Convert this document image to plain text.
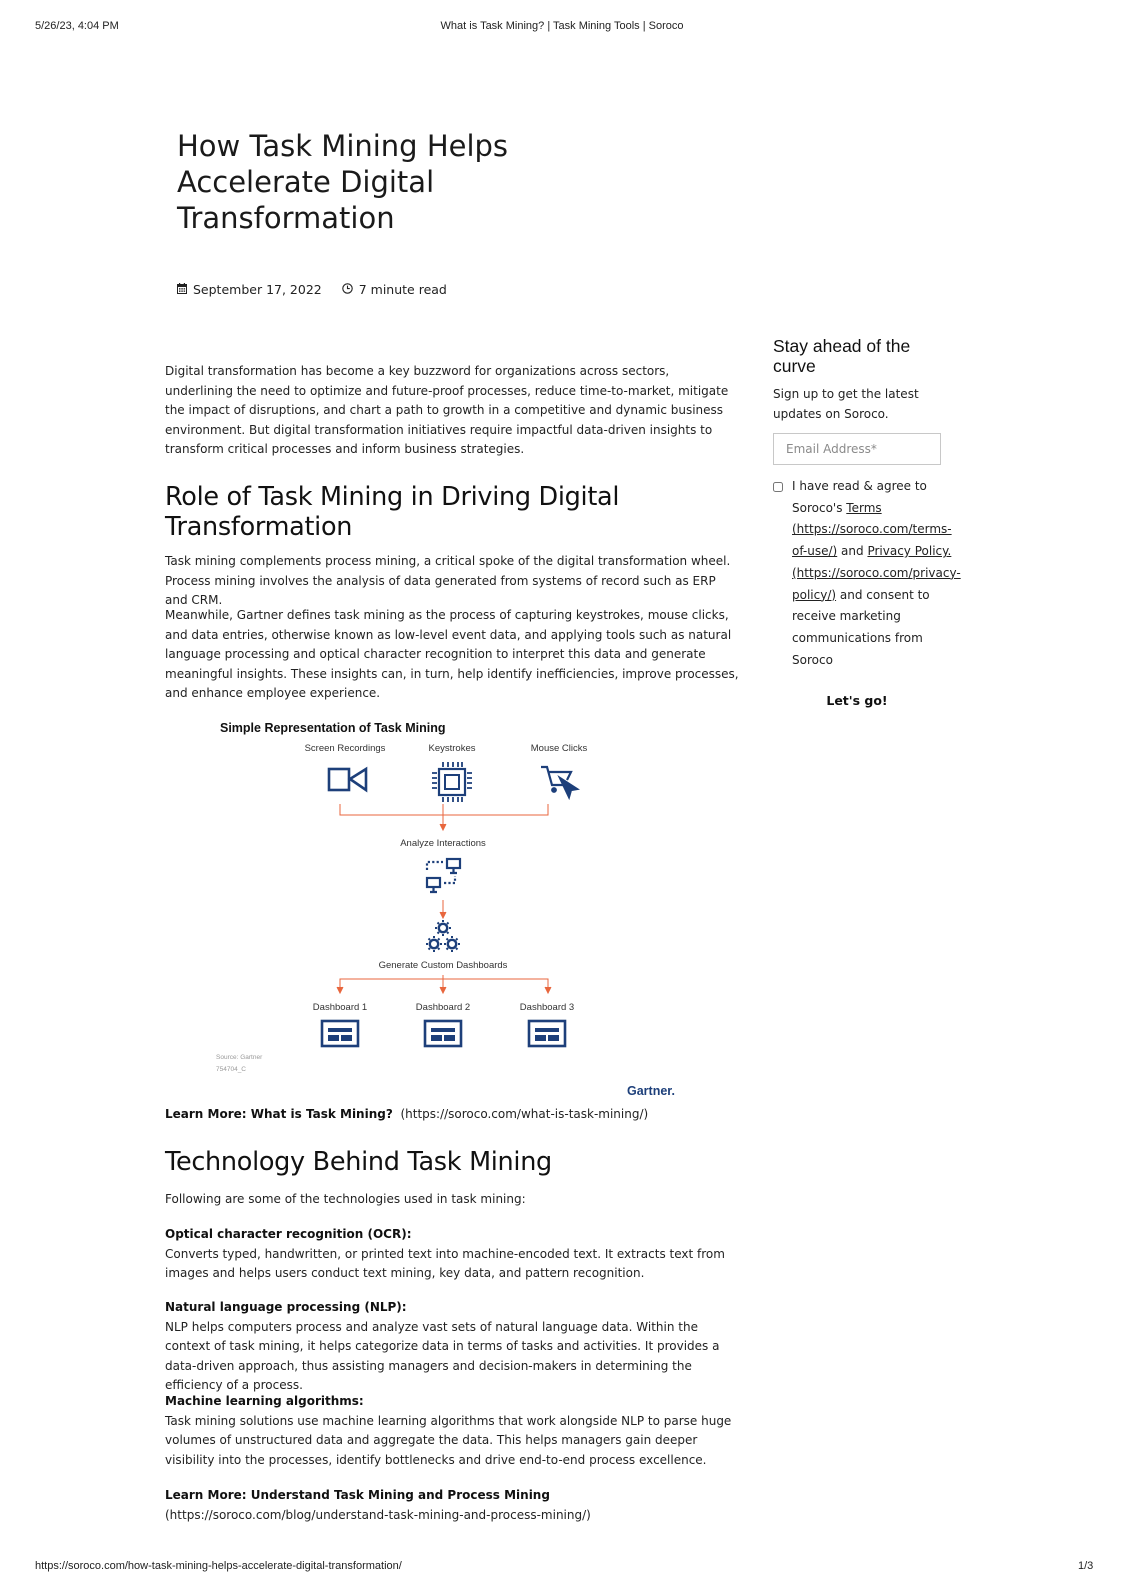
5/26/23, 4:04 PM	What is Task Mining? | Task Mining Tools | Soroco
How Task Mining Helps Accelerate Digital Transformation
September 17, 2022	7 minute read

Digital transformation has become a key buzzword for organizations across sectors, underlining the need to optimize and future-proof processes, reduce time-to-market, mitigate the impact of disruptions, and chart a path to growth in a competitive and dynamic business environment. But digital transformation initiatives require impactful data-driven insights to transform critical processes and inform business strategies.

Role of Task Mining in Driving Digital Transformation

Task mining complements process mining, a critical spoke of the digital transformation wheel. Process mining involves the analysis of data generated from systems of record such as ERP and CRM.

Meanwhile, Gartner defines task mining as the process of capturing keystrokes, mouse clicks, and data entries, otherwise known as low-level event data, and applying tools such as natural language processing and optical character recognition to interpret this data and generate meaningful insights. These insights can, in turn, help identify inefficiencies, improve processes, and enhance employee experience.

Simple Representation of Task Mining
Screen Recordings	Keystrokes	Mouse Clicks
Analyze Interactions
Generate Custom Dashboards
Dashboard 1	Dashboard 2	Dashboard 3
Source: Gartner
754704_C
Gartner.
Learn More: What is Task Mining? (https://soroco.com/what-is-task-mining/)
Technology Behind Task Mining

Following are some of the technologies used in task mining:

Optical character recognition (OCR):

Converts typed, handwritten, or printed text into machine-encoded text. It extracts text from images and helps users conduct text mining, key data, and pattern recognition.

Natural language processing (NLP):

NLP helps computers process and analyze vast sets of natural language data. Within the context of task mining, it helps categorize data in terms of tasks and activities. It provides a data-driven approach, thus assisting managers and decision-makers in determining the efficiency of a process.

Machine learning algorithms:

Task mining solutions use machine learning algorithms that work alongside NLP to parse huge volumes of unstructured data and aggregate the data. This helps managers gain deeper visibility into the processes, identify bottlenecks and drive end-to-end process excellence.

Learn More: Understand Task Mining and Process Mining (https://soroco.com/blog/understand-task-mining-and-process-mining/)
Stay ahead of the curve
Sign up to get the latest updates on Soroco.
Email Address*
I have read & agree to Soroco's Terms (https://soroco.com/terms-of-use/) and Privacy Policy. (https://soroco.com/privacy-policy/) and consent to receive marketing communications from Soroco
Let's go!
https://soroco.com/how-task-mining-helps-accelerate-digital-transformation/	1/3
